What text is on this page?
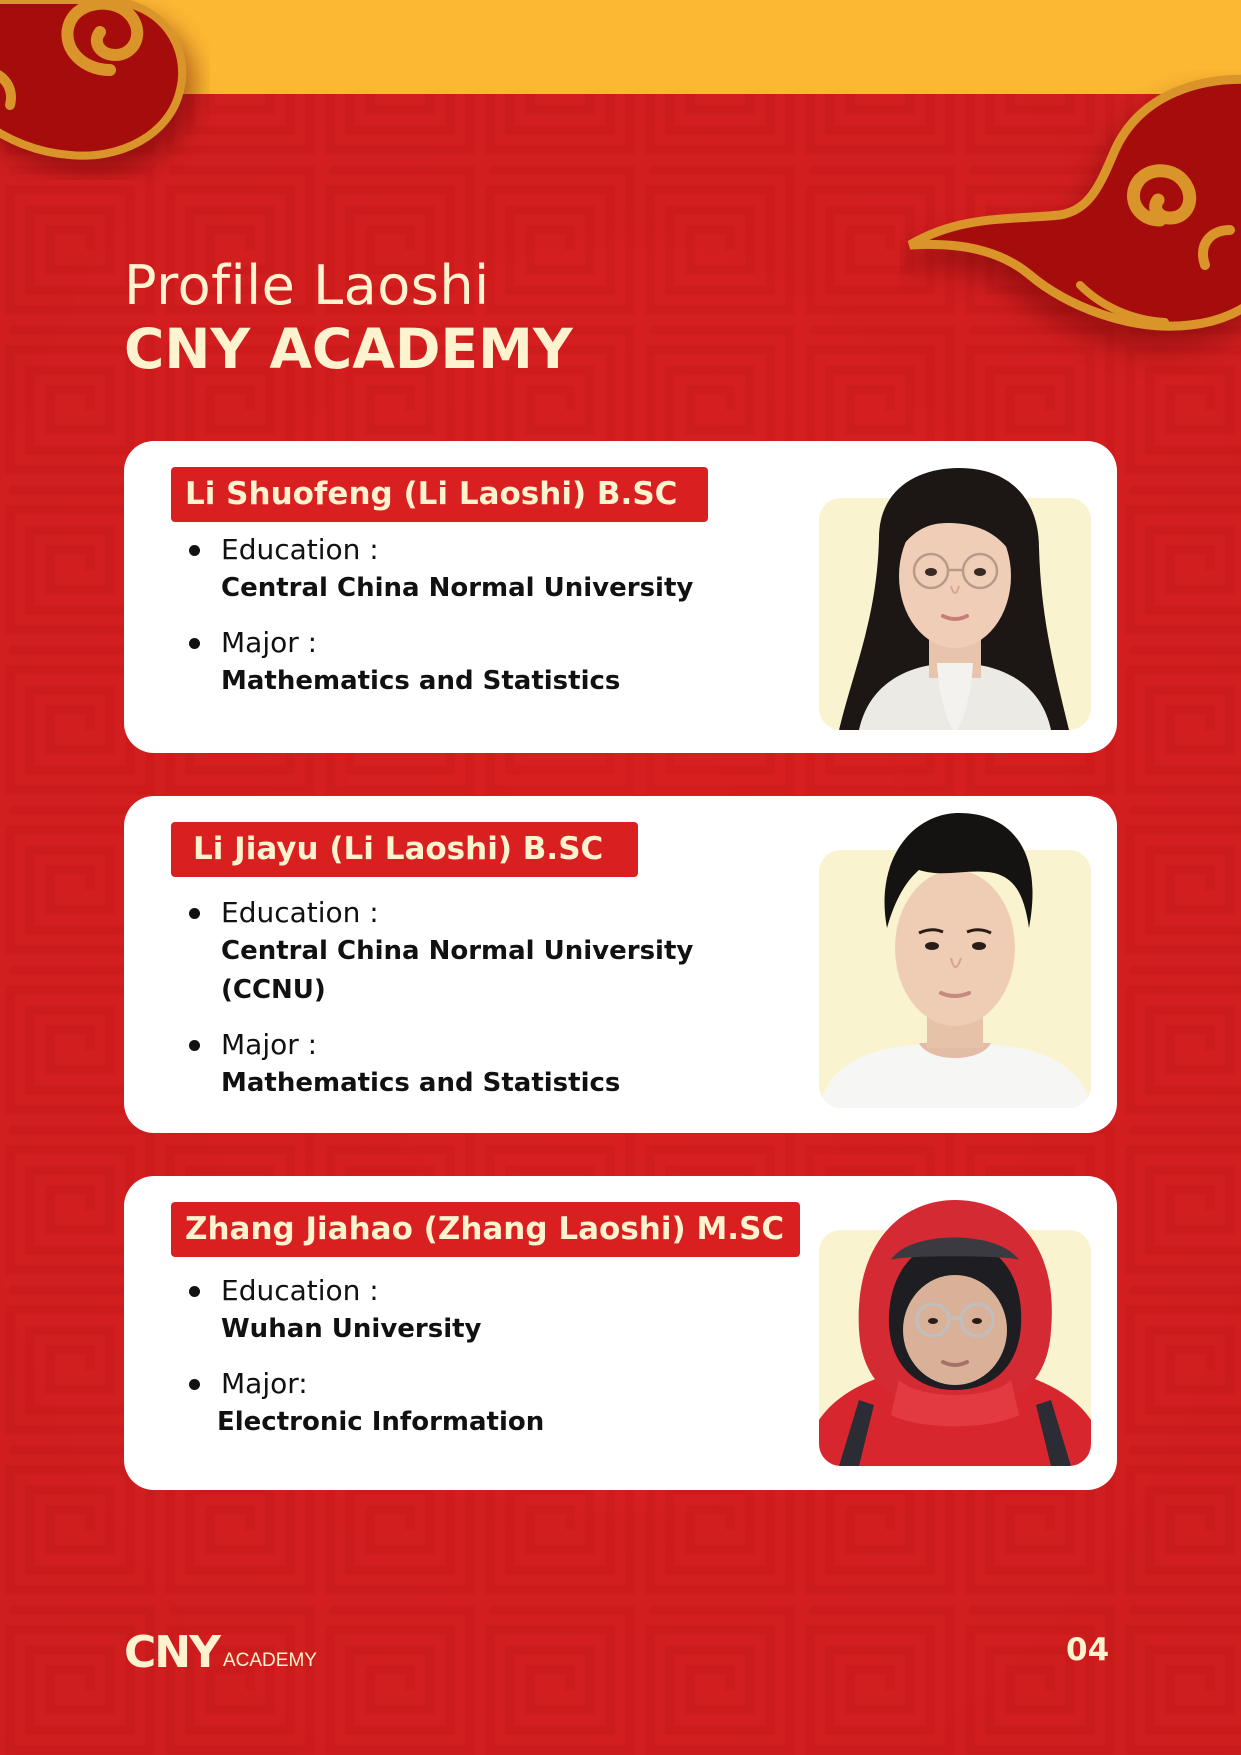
Profile Laoshi
CNY ACADEMY
Li Shuofeng (Li Laoshi) B.SC
Education :
Central China Normal University
Major :
Mathematics and Statistics
Li Jiayu (Li Laoshi) B.SC
Education :
Central China Normal University
(CCNU)
Major :
Mathematics and Statistics
Zhang Jiahao (Zhang Laoshi) M.SC
Education :
Wuhan University
Major:
Electronic Information
CNY ACADEMY	04
